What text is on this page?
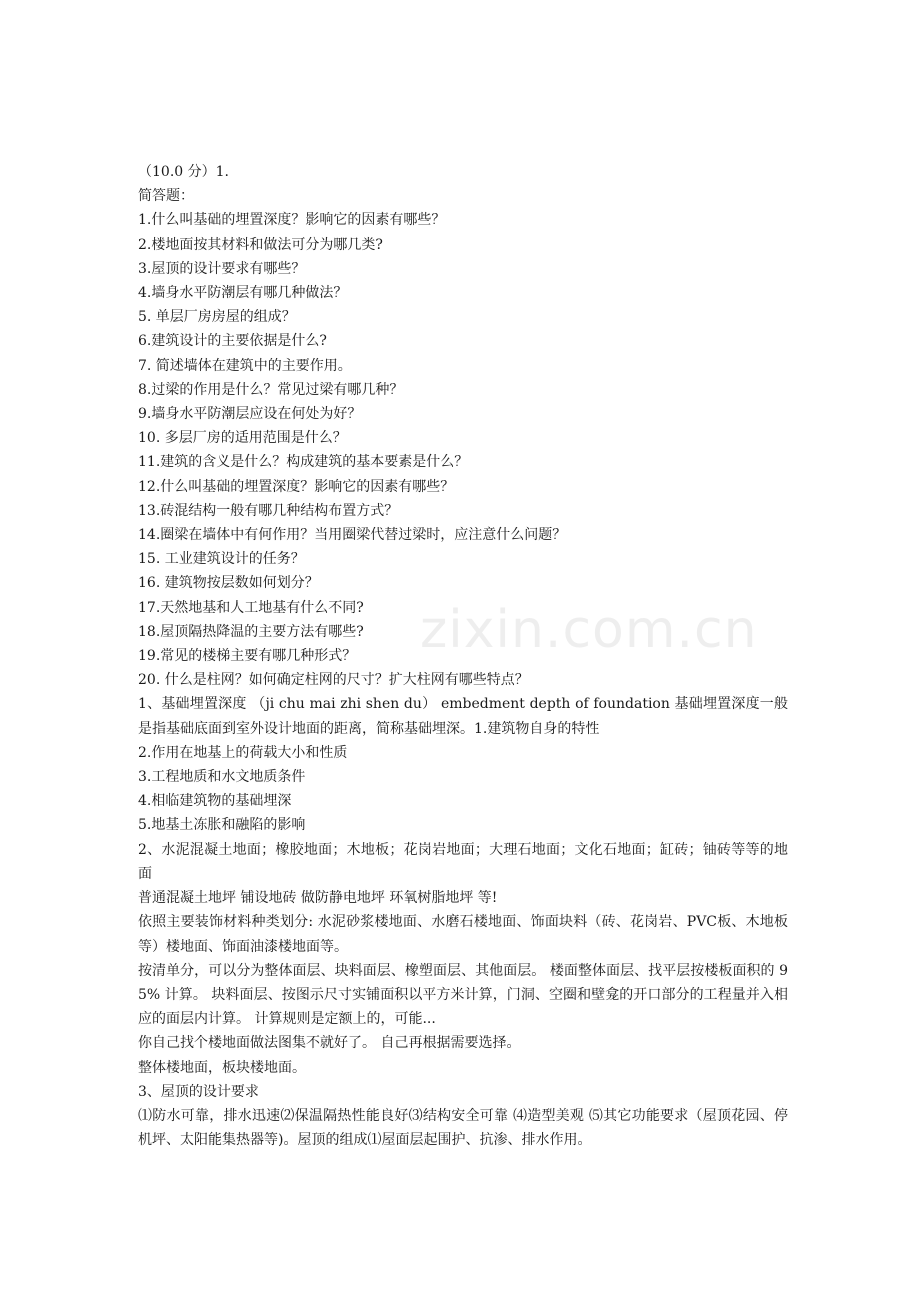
zixin.com.cn
（10.0 分）1.
简答题：
1.什么叫基础的埋置深度？影响它的因素有哪些？
2.楼地面按其材料和做法可分为哪几类?
3.屋顶的设计要求有哪些？
4.墙身水平防潮层有哪几种做法？
5. 单层厂房房屋的组成？
6.建筑设计的主要依据是什么?
7. 简述墙体在建筑中的主要作用。
8.过梁的作用是什么？常见过梁有哪几种？
9.墙身水平防潮层应设在何处为好？
10. 多层厂房的适用范围是什么？
11.建筑的含义是什么？构成建筑的基本要素是什么？
12.什么叫基础的埋置深度？影响它的因素有哪些？
13.砖混结构一般有哪几种结构布置方式？
14.圈梁在墙体中有何作用？当用圈梁代替过梁时，应注意什么问题？
15. 工业建筑设计的任务？
16. 建筑物按层数如何划分？
17.天然地基和人工地基有什么不同?
18.屋顶隔热降温的主要方法有哪些?
19.常见的楼梯主要有哪几种形式？
20. 什么是柱网？如何确定柱网的尺寸？扩大柱网有哪些特点？
1、基础埋置深度 （ji chu mai zhi shen du） embedment depth of foundation 基础埋置深度一般是指基础底面到室外设计地面的距离，简称基础埋深。1.建筑物自身的特性
2.作用在地基上的荷载大小和性质
3.工程地质和水文地质条件
4.相临建筑物的基础埋深
5.地基土冻胀和融陷的影响
2、水泥混凝土地面；橡胶地面；木地板；花岗岩地面；大理石地面；文化石地面；缸砖；铀砖等等的地面
普通混凝土地坪 铺设地砖 做防静电地坪 环氧树脂地坪 等!
依照主要装饰材料种类划分: 水泥砂浆楼地面、水磨石楼地面、饰面块料（砖、花岗岩、PVC板、木地板等）楼地面、饰面油漆楼地面等。
按清单分，可以分为整体面层、块料面层、橡塑面层、其他面层。 楼面整体面层、找平层按楼板面积的 95% 计算。 块料面层、按图示尺寸实铺面积以平方米计算，门洞、空圈和壁龛的开口部分的工程量并入相应的面层内计算。 计算规则是定额上的，可能...
你自己找个楼地面做法图集不就好了。 自己再根据需要选择。
整体楼地面，板块楼地面。
3、屋顶的设计要求
⑴防水可靠，排水迅速⑵保温隔热性能良好⑶结构安全可靠 ⑷造型美观 ⑸其它功能要求（屋顶花园、停机坪、太阳能集热器等)。屋顶的组成⑴屋面层起围护、抗渗、排水作用。
